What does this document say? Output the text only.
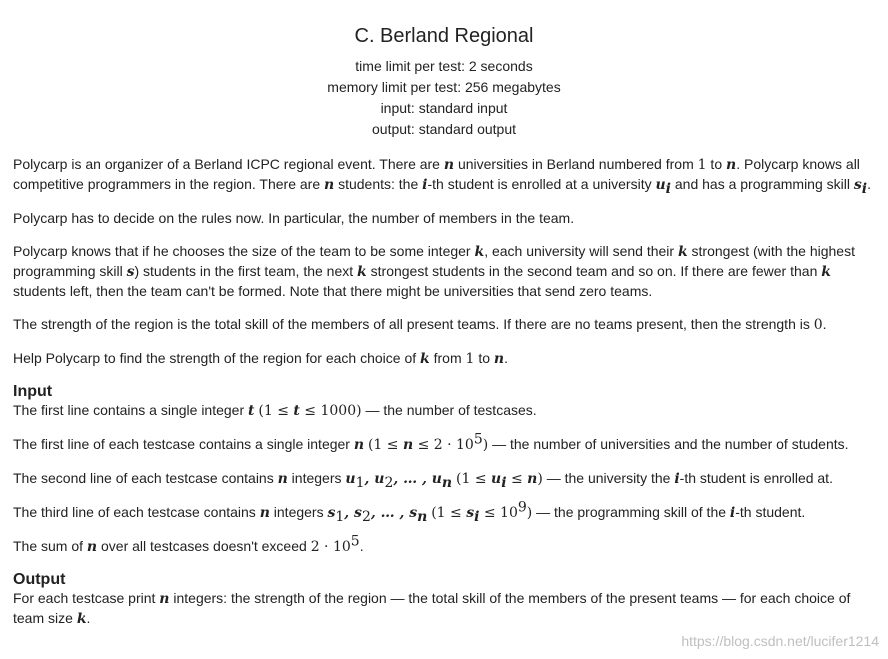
C. Berland Regional
time limit per test: 2 seconds
memory limit per test: 256 megabytes
input: standard input
output: standard output

Polycarp is an organizer of a Berland ICPC regional event. There are n universities in Berland numbered from 1 to n. Polycarp knows all competitive programmers in the region. There are n students: the i-th student is enrolled at a university $u_i$ and has a programming skill $s_i$.

Polycarp has to decide on the rules now. In particular, the number of members in the team.

Polycarp knows that if he chooses the size of the team to be some integer k, each university will send their k strongest (with the highest programming skill s) students in the first team, the next k strongest students in the second team and so on. If there are fewer than k students left, then the team can't be formed. Note that there might be universities that send zero teams.

The strength of the region is the total skill of the members of all present teams. If there are no teams present, then the strength is 0.

Help Polycarp to find the strength of the region for each choice of k from 1 to n.

Input

The first line contains a single integer t (1 ≤ t ≤ 1000) — the number of testcases.

The first line of each testcase contains a single integer n $(1 \le n \le 2 \cdot 10^5)$ — the number of universities and the number of students.

The second line of each testcase contains n integers $u_1$, $u_2$, … , $u_n$ $(1 \le u_i \le n)$ — the university the i-th student is enrolled at.

The third line of each testcase contains n integers $s_1$, $s_2$, … , $s_n$ $(1 \le s_i \le 10^9)$ — the programming skill of the i-th student.

The sum of n over all testcases doesn't exceed $2 \cdot 10^5$.

Output

For each testcase print n integers: the strength of the region — the total skill of the members of the present teams — for each choice of team size k.

https://blog.csdn.net/lucifer1214
